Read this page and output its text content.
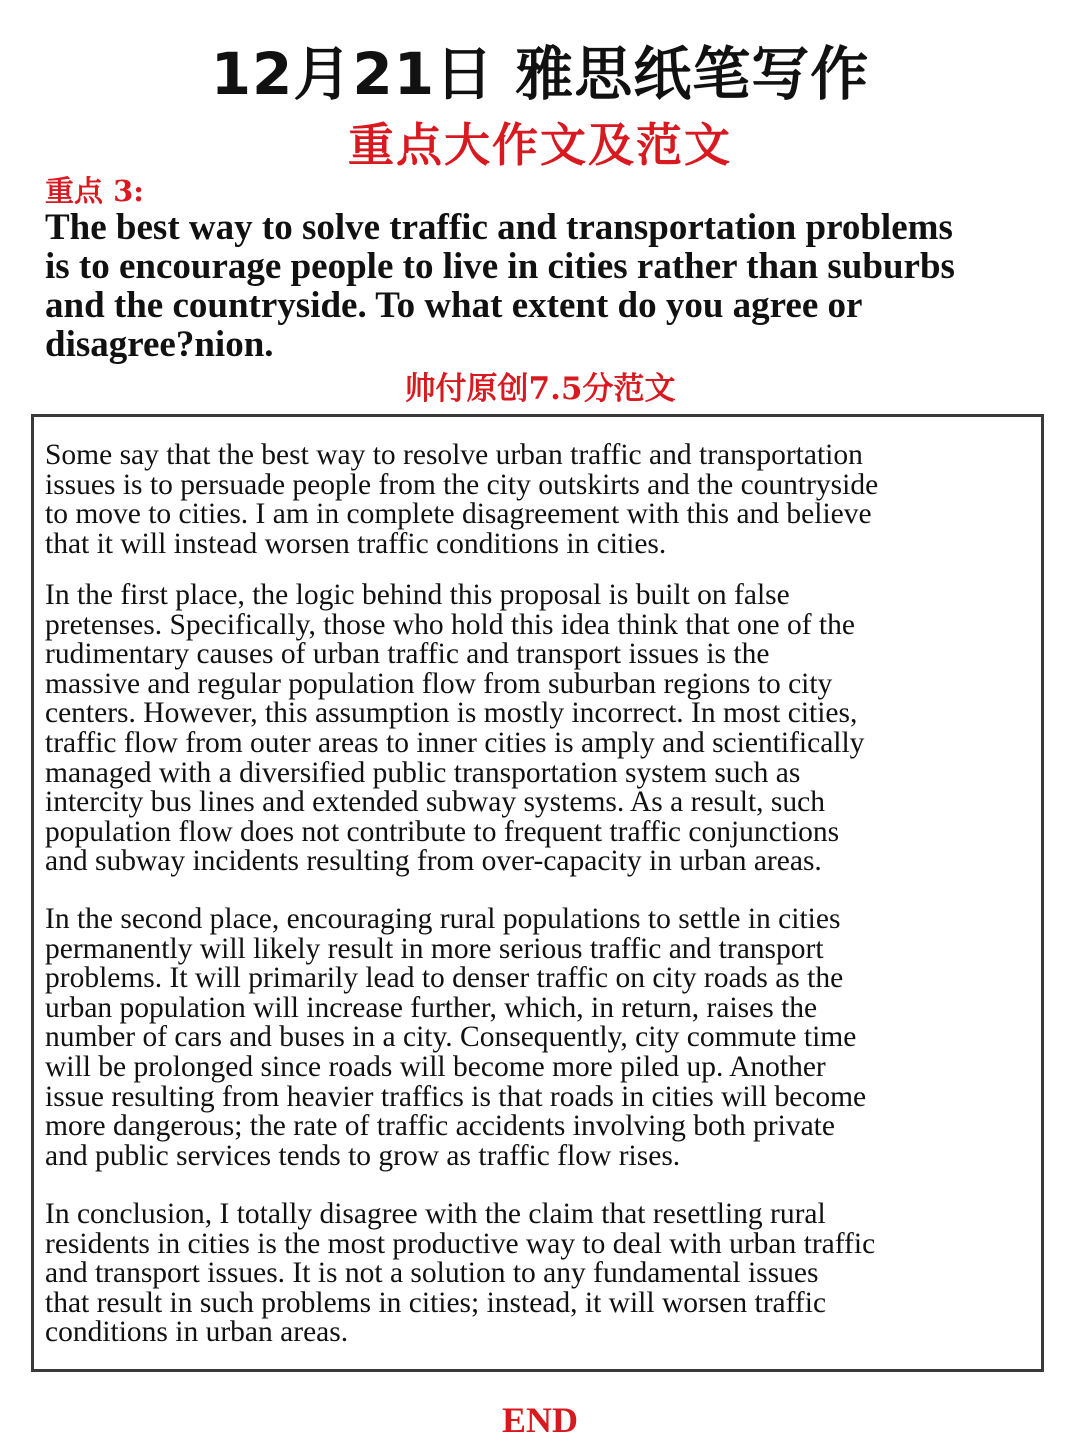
12月21日 雅思纸笔写作
重点大作文及范文
重点 3:
The best way to solve traffic and transportation problems
is to encourage people to live in cities rather than suburbs
and the countryside. To what extent do you agree or
disagree?nion.
帅付原创7.5分范文
Some say that the best way to resolve urban traffic and transportation
issues is to persuade people from the city outskirts and the countryside
to move to cities. I am in complete disagreement with this and believe
that it will instead worsen traffic conditions in cities.
In the first place, the logic behind this proposal is built on false
pretenses. Specifically, those who hold this idea think that one of the
rudimentary causes of urban traffic and transport issues is the
massive and regular population flow from suburban regions to city
centers. However, this assumption is mostly incorrect. In most cities,
traffic flow from outer areas to inner cities is amply and scientifically
managed with a diversified public transportation system such as
intercity bus lines and extended subway systems. As a result, such
population flow does not contribute to frequent traffic conjunctions
and subway incidents resulting from over-capacity in urban areas.
In the second place, encouraging rural populations to settle in cities
permanently will likely result in more serious traffic and transport
problems. It will primarily lead to denser traffic on city roads as the
urban population will increase further, which, in return, raises the
number of cars and buses in a city. Consequently, city commute time
will be prolonged since roads will become more piled up. Another
issue resulting from heavier traffics is that roads in cities will become
more dangerous; the rate of traffic accidents involving both private
and public services tends to grow as traffic flow rises.
In conclusion, I totally disagree with the claim that resettling rural
residents in cities is the most productive way to deal with urban traffic
and transport issues. It is not a solution to any fundamental issues
that result in such problems in cities; instead, it will worsen traffic
conditions in urban areas.
END
